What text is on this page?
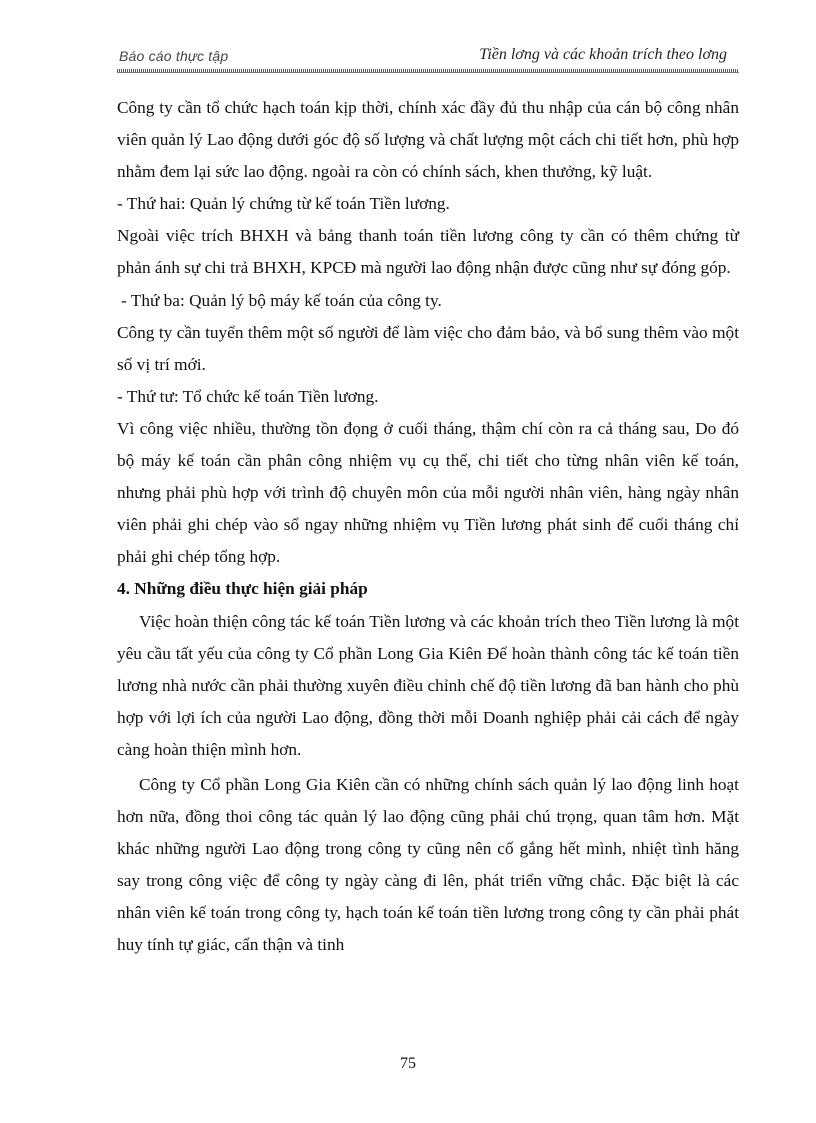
Báo cáo thực tập	Tiền lơng và các khoản trích theo lơng

Công ty cần tổ chức hạch toán kịp thời, chính xác đầy đủ thu nhập của cán bộ công nhân viên quản lý Lao động dưới góc độ số lượng và chất lượng một cách chi tiết hơn, phù hợp nhằm đem lại sức lao động. ngoài ra còn có chính sách, khen thưởng, kỹ luật.

- Thứ hai: Quản lý chứng từ kế toán Tiền lương.

Ngoài việc trích BHXH và bảng thanh toán tiền lương công ty cần có thêm chứng từ phản ánh sự chi trả BHXH, KPCĐ mà người lao động nhận được cũng như sự đóng góp.

- Thứ ba: Quản lý bộ máy kế toán của công ty.

Công ty cần tuyển thêm một số người để làm việc cho đảm bảo, và bổ sung thêm vào một số vị trí mới.

- Thứ tư: Tổ chức kế toán Tiền lương.

Vì công việc nhiều, thường tồn đọng ở cuối tháng, thậm chí còn ra cả tháng sau, Do đó bộ máy kế toán cần phân công nhiệm vụ cụ thể, chi tiết cho từng nhân viên kế toán, nhưng phải phù hợp với trình độ chuyên môn của mỗi người nhân viên, hàng ngày nhân viên phải ghi chép vào sổ ngay những nhiệm vụ Tiền lương phát sinh để cuối tháng chỉ phải ghi chép tổng hợp.

4. Những điều thực hiện giải pháp

Việc hoàn thiện công tác kế toán Tiền lương và các khoản trích theo Tiền lương là một yêu cầu tất yếu của công ty Cổ phần Long Gia Kiên Để hoàn thành công tác kế toán tiền lương nhà nước cần phải thường xuyên điều chỉnh chế độ tiền lương đã ban hành cho phù hợp với lợi ích của người Lao động, đồng thời mỗi Doanh nghiệp phải cải cách để ngày càng hoàn thiện mình hơn.

Công ty Cổ phần Long Gia Kiên cần có những chính sách quản lý lao động linh hoạt hơn nữa, đồng thoi công tác quản lý lao động cũng phải chú trọng, quan tâm hơn. Mặt khác những người Lao động trong công ty cũng nên cố gắng hết mình, nhiệt tình hăng say trong công việc để công ty ngày càng đi lên, phát triển vững chắc. Đặc biệt là các nhân viên kế toán trong công ty, hạch toán kế toán tiền lương trong công ty cần phải phát huy tính tự giác, cẩn thận và tinh

75
